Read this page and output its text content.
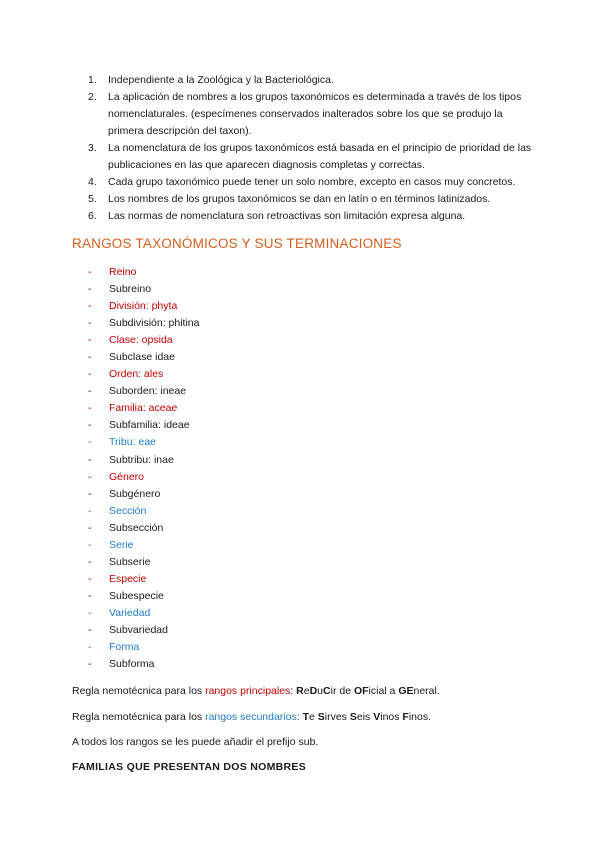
1. Independiente a la Zoológica y la Bacteriológica.
2. La aplicación de nombres a los grupos taxonómicos es determinada a través de los tipos nomenclaturales. (especímenes conservados inalterados sobre los que se produjo la primera descripción del taxon).
3. La nomenclatura de los grupos taxonómicos está basada en el principio de prioridad de las publicaciones en las que aparecen diagnosis completas y correctas.
4. Cada grupo taxonómico puede tener un solo nombre, excepto en casos muy concretos.
5. Los nombres de los grupos taxonómicos se dan en latín o en términos latinizados.
6. Las normas de nomenclatura son retroactivas son limitación expresa alguna.
RANGOS TAXONÓMICOS Y SUS TERMINACIONES
- Reino
- Subreino
- División: phyta
- Subdivisión: phitina
- Clase: opsida
- Subclase idae
- Orden: ales
- Suborden: ineae
- Familia: aceae
- Subfamilia: ideae
- Tribu: eae
- Subtribu: inae
- Género
- Subgénero
- Sección
- Subsección
- Serie
- Subserie
- Especie
- Subespecie
- Variedad
- Subvariedad
- Forma
- Subforma

Regla nemotécnica para los rangos principales: ReDuCir de OFicial a GEneral.

Regla nemotécnica para los rangos secundarios: Te Sirves Seis Vinos Finos.

A todos los rangos se les puede añadir el prefijo sub.

FAMILIAS QUE PRESENTAN DOS NOMBRES
